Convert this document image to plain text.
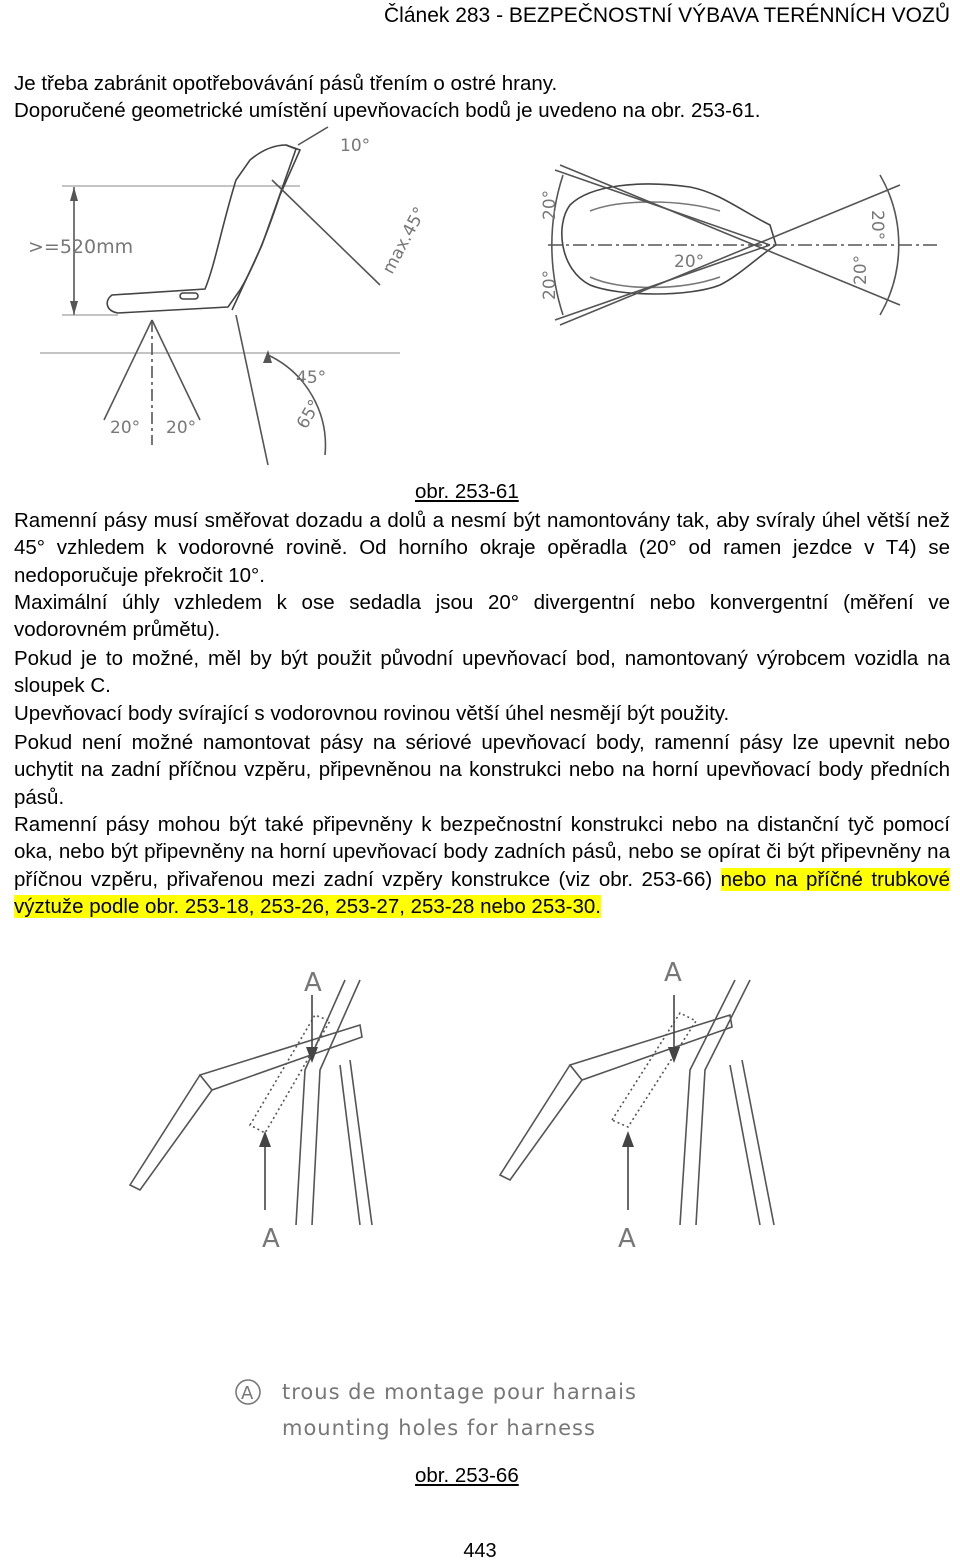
Článek 283 - BEZPEČNOSTNÍ VÝBAVA TERÉNNÍCH VOZŮ
Je třeba zabránit opotřebovávání pásů třením o ostré hrany.
Doporučené geometrické umístění upevňovacích bodů je uvedeno na obr. 253-61.
>=520mm
10°
max.45°
20° 20°
45°
65°
20°
20°
20°
20°
20°
obr. 253-61
Ramenní pásy musí směřovat dozadu a dolů a nesmí být namontovány tak, aby svíraly úhel větší než 45° vzhledem k vodorovné rovině. Od horního okraje opěradla (20° od ramen jezdce v T4) se nedoporučuje překročit 10°.
Maximální úhly vzhledem k ose sedadla jsou 20° divergentní nebo konvergentní (měření ve vodorovném průmětu).
Pokud je to možné, měl by být použit původní upevňovací bod, namontovaný výrobcem vozidla na sloupek C.
Upevňovací body svírající s vodorovnou rovinou větší úhel nesmějí být použity.
Pokud není možné namontovat pásy na sériové upevňovací body, ramenní pásy lze upevnit nebo uchytit na zadní příčnou vzpěru, připevněnou na konstrukci nebo na horní upevňovací body předních pásů.
Ramenní pásy mohou být také připevněny k bezpečnostní konstrukci nebo na distanční tyč pomocí oka, nebo být připevněny na horní upevňovací body zadních pásů, nebo se opírat či být připevněny na příčnou vzpěru, přivařenou mezi zadní vzpěry konstrukce (viz obr. 253-66) nebo na příčné trubkové výztuže podle obr. 253-18, 253-26, 253-27, 253-28 nebo 253-30.
A
A
A
A
A trous de montage pour harnais
mounting holes for harness
obr. 253-66
443
